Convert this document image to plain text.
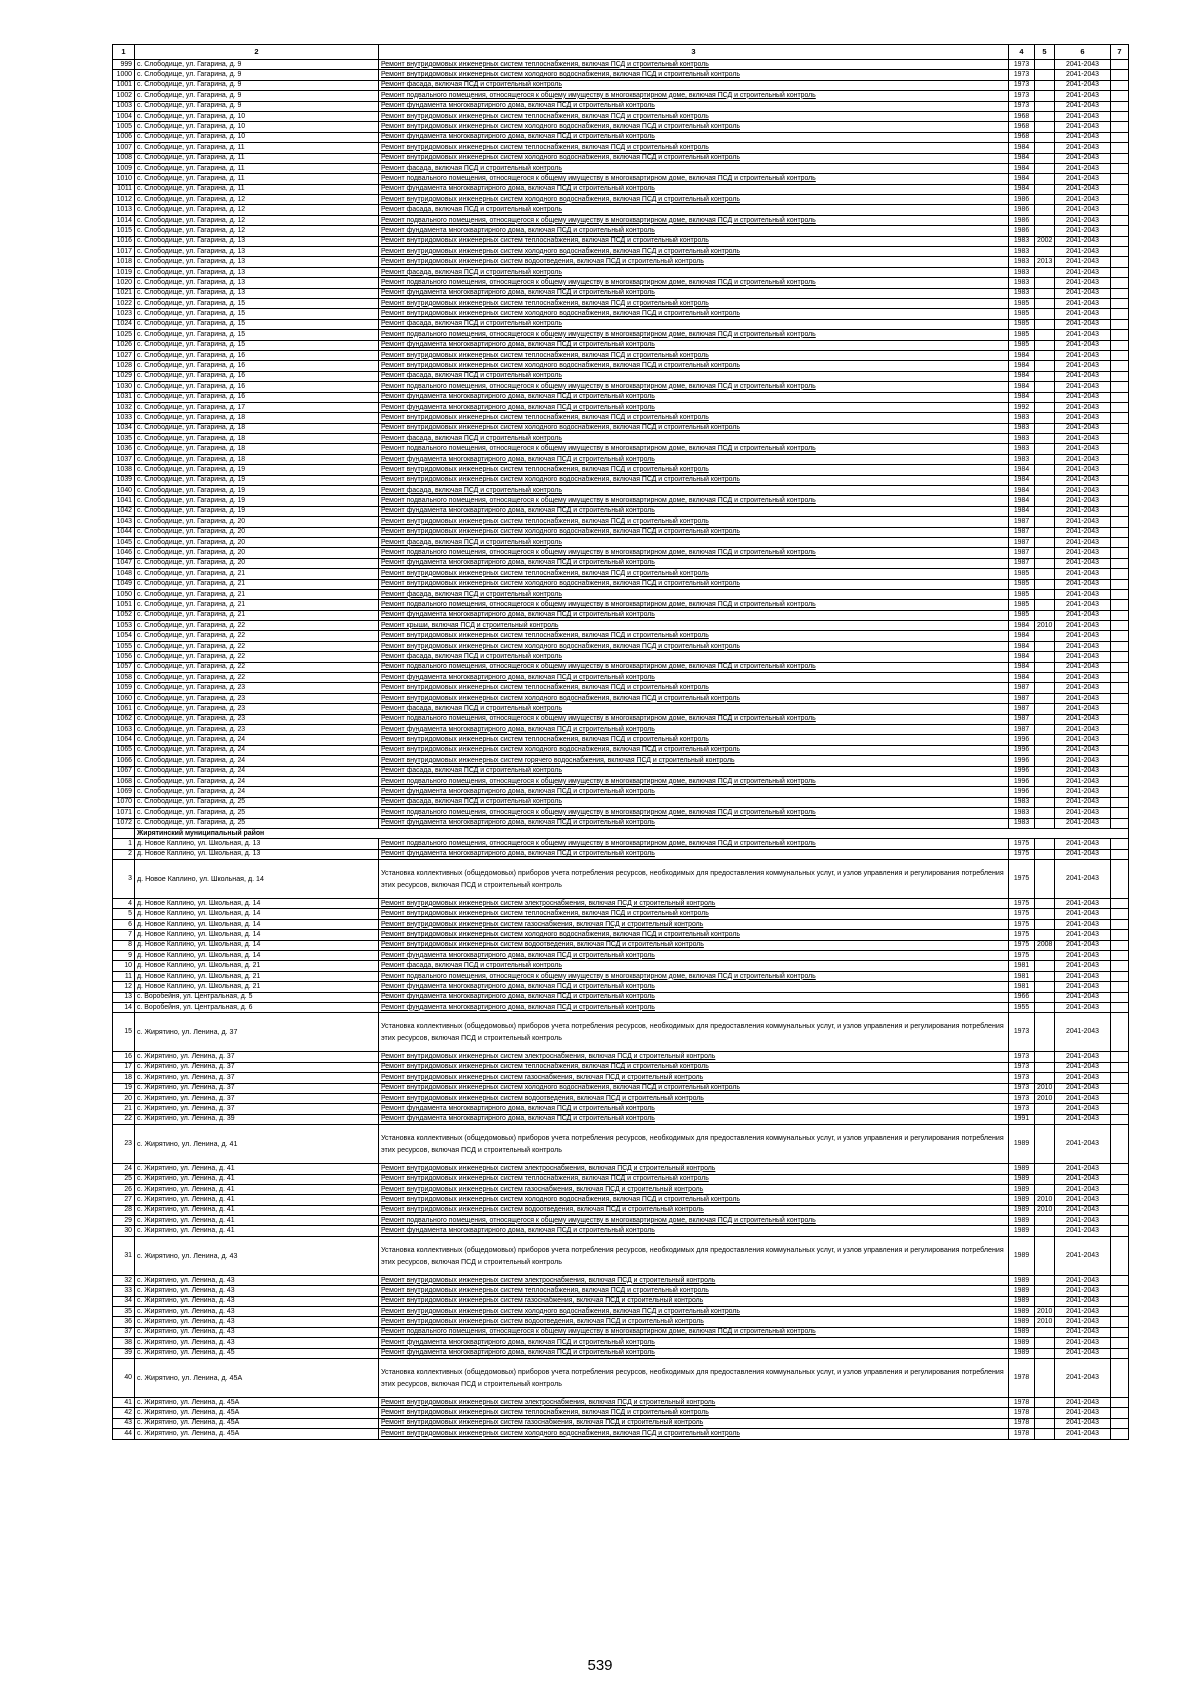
1	2	3	4	5	6	7
999	с. Слободище, ул. Гагарина, д. 9	Ремонт внутридомовых инженерных систем теплоснабжения, включая ПСД и строительный контроль	1973		2041-2043	
1000	с. Слободище, ул. Гагарина, д. 9	Ремонт внутридомовых инженерных систем холодного водоснабжения, включая ПСД и строительный контроль	1973		2041-2043	
1001	с. Слободище, ул. Гагарина, д. 9	Ремонт фасада, включая ПСД и строительный контроль	1973		2041-2043	
1002	с. Слободище, ул. Гагарина, д. 9	Ремонт подвального помещения, относящегося к общему имуществу в многоквартирном доме, включая ПСД и строительный контроль	1973		2041-2043	
1003	с. Слободище, ул. Гагарина, д. 9	Ремонт фундамента многоквартирного дома, включая ПСД и строительный контроль	1973		2041-2043	
1004	с. Слободище, ул. Гагарина, д. 10	Ремонт внутридомовых инженерных систем теплоснабжения, включая ПСД и строительный контроль	1968		2041-2043	
1005	с. Слободище, ул. Гагарина, д. 10	Ремонт внутридомовых инженерных систем холодного водоснабжения, включая ПСД и строительный контроль	1968		2041-2043	
1006	с. Слободище, ул. Гагарина, д. 10	Ремонт фундамента многоквартирного дома, включая ПСД и строительный контроль	1968		2041-2043	
1007	с. Слободище, ул. Гагарина, д. 11	Ремонт внутридомовых инженерных систем теплоснабжения, включая ПСД и строительный контроль	1984		2041-2043	
1008	с. Слободище, ул. Гагарина, д. 11	Ремонт внутридомовых инженерных систем холодного водоснабжения, включая ПСД и строительный контроль	1984		2041-2043	
1009	с. Слободище, ул. Гагарина, д. 11	Ремонт фасада, включая ПСД и строительный контроль	1984		2041-2043	
1010	с. Слободище, ул. Гагарина, д. 11	Ремонт подвального помещения, относящегося к общему имуществу в многоквартирном доме, включая ПСД и строительный контроль	1984		2041-2043	
1011	с. Слободище, ул. Гагарина, д. 11	Ремонт фундамента многоквартирного дома, включая ПСД и строительный контроль	1984		2041-2043	
1012	с. Слободище, ул. Гагарина, д. 12	Ремонт внутридомовых инженерных систем холодного водоснабжения, включая ПСД и строительный контроль	1986		2041-2043	
1013	с. Слободище, ул. Гагарина, д. 12	Ремонт фасада, включая ПСД и строительный контроль	1986		2041-2043	
1014	с. Слободище, ул. Гагарина, д. 12	Ремонт подвального помещения, относящегося к общему имуществу в многоквартирном доме, включая ПСД и строительный контроль	1986		2041-2043	
1015	с. Слободище, ул. Гагарина, д. 12	Ремонт фундамента многоквартирного дома, включая ПСД и строительный контроль	1986		2041-2043	
1016	с. Слободище, ул. Гагарина, д. 13	Ремонт внутридомовых инженерных систем теплоснабжения, включая ПСД и строительный контроль	1983	2002	2041-2043	
1017	с. Слободище, ул. Гагарина, д. 13	Ремонт внутридомовых инженерных систем холодного водоснабжения, включая ПСД и строительный контроль	1983		2041-2043	
1018	с. Слободище, ул. Гагарина, д. 13	Ремонт внутридомовых инженерных систем водоотведения, включая ПСД и строительный контроль	1983	2013	2041-2043	
1019	с. Слободище, ул. Гагарина, д. 13	Ремонт фасада, включая ПСД и строительный контроль	1983		2041-2043	
1020	с. Слободище, ул. Гагарина, д. 13	Ремонт подвального помещения, относящегося к общему имуществу в многоквартирном доме, включая ПСД и строительный контроль	1983		2041-2043	
1021	с. Слободище, ул. Гагарина, д. 13	Ремонт фундамента многоквартирного дома, включая ПСД и строительный контроль	1983		2041-2043	
1022	с. Слободище, ул. Гагарина, д. 15	Ремонт внутридомовых инженерных систем теплоснабжения, включая ПСД и строительный контроль	1985		2041-2043	
1023	с. Слободище, ул. Гагарина, д. 15	Ремонт внутридомовых инженерных систем холодного водоснабжения, включая ПСД и строительный контроль	1985		2041-2043	
1024	с. Слободище, ул. Гагарина, д. 15	Ремонт фасада, включая ПСД и строительный контроль	1985		2041-2043	
1025	с. Слободище, ул. Гагарина, д. 15	Ремонт подвального помещения, относящегося к общему имуществу в многоквартирном доме, включая ПСД и строительный контроль	1985		2041-2043	
1026	с. Слободище, ул. Гагарина, д. 15	Ремонт фундамента многоквартирного дома, включая ПСД и строительный контроль	1985		2041-2043	
1027	с. Слободище, ул. Гагарина, д. 16	Ремонт внутридомовых инженерных систем теплоснабжения, включая ПСД и строительный контроль	1984		2041-2043	
1028	с. Слободище, ул. Гагарина, д. 16	Ремонт внутридомовых инженерных систем холодного водоснабжения, включая ПСД и строительный контроль	1984		2041-2043	
1029	с. Слободище, ул. Гагарина, д. 16	Ремонт фасада, включая ПСД и строительный контроль	1984		2041-2043	
1030	с. Слободище, ул. Гагарина, д. 16	Ремонт подвального помещения, относящегося к общему имуществу в многоквартирном доме, включая ПСД и строительный контроль	1984		2041-2043	
1031	с. Слободище, ул. Гагарина, д. 16	Ремонт фундамента многоквартирного дома, включая ПСД и строительный контроль	1984		2041-2043	
1032	с. Слободище, ул. Гагарина, д. 17	Ремонт фундамента многоквартирного дома, включая ПСД и строительный контроль	1992		2041-2043	
1033	с. Слободище, ул. Гагарина, д. 18	Ремонт внутридомовых инженерных систем теплоснабжения, включая ПСД и строительный контроль	1983		2041-2043	
1034	с. Слободище, ул. Гагарина, д. 18	Ремонт внутридомовых инженерных систем холодного водоснабжения, включая ПСД и строительный контроль	1983		2041-2043	
1035	с. Слободище, ул. Гагарина, д. 18	Ремонт фасада, включая ПСД и строительный контроль	1983		2041-2043	
1036	с. Слободище, ул. Гагарина, д. 18	Ремонт подвального помещения, относящегося к общему имуществу в многоквартирном доме, включая ПСД и строительный контроль	1983		2041-2043	
1037	с. Слободище, ул. Гагарина, д. 18	Ремонт фундамента многоквартирного дома, включая ПСД и строительный контроль	1983		2041-2043	
1038	с. Слободище, ул. Гагарина, д. 19	Ремонт внутридомовых инженерных систем теплоснабжения, включая ПСД и строительный контроль	1984		2041-2043	
1039	с. Слободище, ул. Гагарина, д. 19	Ремонт внутридомовых инженерных систем холодного водоснабжения, включая ПСД и строительный контроль	1984		2041-2043	
1040	с. Слободище, ул. Гагарина, д. 19	Ремонт фасада, включая ПСД и строительный контроль	1984		2041-2043	
1041	с. Слободище, ул. Гагарина, д. 19	Ремонт подвального помещения, относящегося к общему имуществу в многоквартирном доме, включая ПСД и строительный контроль	1984		2041-2043	
1042	с. Слободище, ул. Гагарина, д. 19	Ремонт фундамента многоквартирного дома, включая ПСД и строительный контроль	1984		2041-2043	
1043	с. Слободище, ул. Гагарина, д. 20	Ремонт внутридомовых инженерных систем теплоснабжения, включая ПСД и строительный контроль	1987		2041-2043	
1044	с. Слободище, ул. Гагарина, д. 20	Ремонт внутридомовых инженерных систем холодного водоснабжения, включая ПСД и строительный контроль	1987		2041-2043	
1045	с. Слободище, ул. Гагарина, д. 20	Ремонт фасада, включая ПСД и строительный контроль	1987		2041-2043	
1046	с. Слободище, ул. Гагарина, д. 20	Ремонт подвального помещения, относящегося к общему имуществу в многоквартирном доме, включая ПСД и строительный контроль	1987		2041-2043	
1047	с. Слободище, ул. Гагарина, д. 20	Ремонт фундамента многоквартирного дома, включая ПСД и строительный контроль	1987		2041-2043	
1048	с. Слободище, ул. Гагарина, д. 21	Ремонт внутридомовых инженерных систем теплоснабжения, включая ПСД и строительный контроль	1985		2041-2043	
1049	с. Слободище, ул. Гагарина, д. 21	Ремонт внутридомовых инженерных систем холодного водоснабжения, включая ПСД и строительный контроль	1985		2041-2043	
1050	с. Слободище, ул. Гагарина, д. 21	Ремонт фасада, включая ПСД и строительный контроль	1985		2041-2043	
1051	с. Слободище, ул. Гагарина, д. 21	Ремонт подвального помещения, относящегося к общему имуществу в многоквартирном доме, включая ПСД и строительный контроль	1985		2041-2043	
1052	с. Слободище, ул. Гагарина, д. 21	Ремонт фундамента многоквартирного дома, включая ПСД и строительный контроль	1985		2041-2043	
1053	с. Слободище, ул. Гагарина, д. 22	Ремонт крыши, включая ПСД и строительный контроль	1984	2010	2041-2043	
1054	с. Слободище, ул. Гагарина, д. 22	Ремонт внутридомовых инженерных систем теплоснабжения, включая ПСД и строительный контроль	1984		2041-2043	
1055	с. Слободище, ул. Гагарина, д. 22	Ремонт внутридомовых инженерных систем холодного водоснабжения, включая ПСД и строительный контроль	1984		2041-2043	
1056	с. Слободище, ул. Гагарина, д. 22	Ремонт фасада, включая ПСД и строительный контроль	1984		2041-2043	
1057	с. Слободище, ул. Гагарина, д. 22	Ремонт подвального помещения, относящегося к общему имуществу в многоквартирном доме, включая ПСД и строительный контроль	1984		2041-2043	
1058	с. Слободище, ул. Гагарина, д. 22	Ремонт фундамента многоквартирного дома, включая ПСД и строительный контроль	1984		2041-2043	
1059	с. Слободище, ул. Гагарина, д. 23	Ремонт внутридомовых инженерных систем теплоснабжения, включая ПСД и строительный контроль	1987		2041-2043	
1060	с. Слободище, ул. Гагарина, д. 23	Ремонт внутридомовых инженерных систем холодного водоснабжения, включая ПСД и строительный контроль	1987		2041-2043	
1061	с. Слободище, ул. Гагарина, д. 23	Ремонт фасада, включая ПСД и строительный контроль	1987		2041-2043	
1062	с. Слободище, ул. Гагарина, д. 23	Ремонт подвального помещения, относящегося к общему имуществу в многоквартирном доме, включая ПСД и строительный контроль	1987		2041-2043	
1063	с. Слободище, ул. Гагарина, д. 23	Ремонт фундамента многоквартирного дома, включая ПСД и строительный контроль	1987		2041-2043	
1064	с. Слободище, ул. Гагарина, д. 24	Ремонт внутридомовых инженерных систем теплоснабжения, включая ПСД и строительный контроль	1996		2041-2043	
1065	с. Слободище, ул. Гагарина, д. 24	Ремонт внутридомовых инженерных систем холодного водоснабжения, включая ПСД и строительный контроль	1996		2041-2043	
1066	с. Слободище, ул. Гагарина, д. 24	Ремонт внутридомовых инженерных систем горячего водоснабжения, включая ПСД и строительный контроль	1996		2041-2043	
1067	с. Слободище, ул. Гагарина, д. 24	Ремонт фасада, включая ПСД и строительный контроль	1996		2041-2043	
1068	с. Слободище, ул. Гагарина, д. 24	Ремонт подвального помещения, относящегося к общему имуществу в многоквартирном доме, включая ПСД и строительный контроль	1996		2041-2043	
1069	с. Слободище, ул. Гагарина, д. 24	Ремонт фундамента многоквартирного дома, включая ПСД и строительный контроль	1996		2041-2043	
1070	с. Слободище, ул. Гагарина, д. 25	Ремонт фасада, включая ПСД и строительный контроль	1983		2041-2043	
1071	с. Слободище, ул. Гагарина, д. 25	Ремонт подвального помещения, относящегося к общему имуществу в многоквартирном доме, включая ПСД и строительный контроль	1983		2041-2043	
1072	с. Слободище, ул. Гагарина, д. 25	Ремонт фундамента многоквартирного дома, включая ПСД и строительный контроль	1983		2041-2043	
	Жирятинский муниципальный район					
1	д. Новое Каплино, ул. Школьная, д. 13	Ремонт подвального помещения, относящегося к общему имуществу в многоквартирном доме, включая ПСД и строительный контроль	1975		2041-2043	
2	д. Новое Каплино, ул. Школьная, д. 13	Ремонт фундамента многоквартирного дома, включая ПСД и строительный контроль	1975		2041-2043	
3	д. Новое Каплино, ул. Школьная, д. 14	Установка коллективных (общедомовых) приборов учета потребления ресурсов, необходимых для предоставления коммунальных услуг, и узлов управления и регулирования потребления этих ресурсов, включая ПСД и строительный контроль	1975		2041-2043	
4	д. Новое Каплино, ул. Школьная, д. 14	Ремонт внутридомовых инженерных систем электроснабжения, включая ПСД и строительный контроль	1975		2041-2043	
5	д. Новое Каплино, ул. Школьная, д. 14	Ремонт внутридомовых инженерных систем теплоснабжения, включая ПСД и строительный контроль	1975		2041-2043	
6	д. Новое Каплино, ул. Школьная, д. 14	Ремонт внутридомовых инженерных систем газоснабжения, включая ПСД и строительный контроль	1975		2041-2043	
7	д. Новое Каплино, ул. Школьная, д. 14	Ремонт внутридомовых инженерных систем холодного водоснабжения, включая ПСД и строительный контроль	1975		2041-2043	
8	д. Новое Каплино, ул. Школьная, д. 14	Ремонт внутридомовых инженерных систем водоотведения, включая ПСД и строительный контроль	1975	2008	2041-2043	
9	д. Новое Каплино, ул. Школьная, д. 14	Ремонт фундамента многоквартирного дома, включая ПСД и строительный контроль	1975		2041-2043	
10	д. Новое Каплино, ул. Школьная, д. 21	Ремонт фасада, включая ПСД и строительный контроль	1981		2041-2043	
11	д. Новое Каплино, ул. Школьная, д. 21	Ремонт подвального помещения, относящегося к общему имуществу в многоквартирном доме, включая ПСД и строительный контроль	1981		2041-2043	
12	д. Новое Каплино, ул. Школьная, д. 21	Ремонт фундамента многоквартирного дома, включая ПСД и строительный контроль	1981		2041-2043	
13	с. Воробейня, ул. Центральная, д. 5	Ремонт фундамента многоквартирного дома, включая ПСД и строительный контроль	1966		2041-2043	
14	с. Воробейня, ул. Центральная, д. 6	Ремонт фундамента многоквартирного дома, включая ПСД и строительный контроль	1955		2041-2043	
15	с. Жирятино, ул. Ленина, д. 37	Установка коллективных (общедомовых) приборов учета потребления ресурсов, необходимых для предоставления коммунальных услуг, и узлов управления и регулирования потребления этих ресурсов, включая ПСД и строительный контроль	1973		2041-2043	
16	с. Жирятино, ул. Ленина, д. 37	Ремонт внутридомовых инженерных систем электроснабжения, включая ПСД и строительный контроль	1973		2041-2043	
17	с. Жирятино, ул. Ленина, д. 37	Ремонт внутридомовых инженерных систем теплоснабжения, включая ПСД и строительный контроль	1973		2041-2043	
18	с. Жирятино, ул. Ленина, д. 37	Ремонт внутридомовых инженерных систем газоснабжения, включая ПСД и строительный контроль	1973		2041-2043	
19	с. Жирятино, ул. Ленина, д. 37	Ремонт внутридомовых инженерных систем холодного водоснабжения, включая ПСД и строительный контроль	1973	2010	2041-2043	
20	с. Жирятино, ул. Ленина, д. 37	Ремонт внутридомовых инженерных систем водоотведения, включая ПСД и строительный контроль	1973	2010	2041-2043	
21	с. Жирятино, ул. Ленина, д. 37	Ремонт фундамента многоквартирного дома, включая ПСД и строительный контроль	1973		2041-2043	
22	с. Жирятино, ул. Ленина, д. 39	Ремонт фундамента многоквартирного дома, включая ПСД и строительный контроль	1991		2041-2043	
23	с. Жирятино, ул. Ленина, д. 41	Установка коллективных (общедомовых) приборов учета потребления ресурсов, необходимых для предоставления коммунальных услуг, и узлов управления и регулирования потребления этих ресурсов, включая ПСД и строительный контроль	1989		2041-2043	
24	с. Жирятино, ул. Ленина, д. 41	Ремонт внутридомовых инженерных систем электроснабжения, включая ПСД и строительный контроль	1989		2041-2043	
25	с. Жирятино, ул. Ленина, д. 41	Ремонт внутридомовых инженерных систем теплоснабжения, включая ПСД и строительный контроль	1989		2041-2043	
26	с. Жирятино, ул. Ленина, д. 41	Ремонт внутридомовых инженерных систем газоснабжения, включая ПСД и строительный контроль	1989		2041-2043	
27	с. Жирятино, ул. Ленина, д. 41	Ремонт внутридомовых инженерных систем холодного водоснабжения, включая ПСД и строительный контроль	1989	2010	2041-2043	
28	с. Жирятино, ул. Ленина, д. 41	Ремонт внутридомовых инженерных систем водоотведения, включая ПСД и строительный контроль	1989	2010	2041-2043	
29	с. Жирятино, ул. Ленина, д. 41	Ремонт подвального помещения, относящегося к общему имуществу в многоквартирном доме, включая ПСД и строительный контроль	1989		2041-2043	
30	с. Жирятино, ул. Ленина, д. 41	Ремонт фундамента многоквартирного дома, включая ПСД и строительный контроль	1989		2041-2043	
31	с. Жирятино, ул. Ленина, д. 43	Установка коллективных (общедомовых) приборов учета потребления ресурсов, необходимых для предоставления коммунальных услуг, и узлов управления и регулирования потребления этих ресурсов, включая ПСД и строительный контроль	1989		2041-2043	
32	с. Жирятино, ул. Ленина, д. 43	Ремонт внутридомовых инженерных систем электроснабжения, включая ПСД и строительный контроль	1989		2041-2043	
33	с. Жирятино, ул. Ленина, д. 43	Ремонт внутридомовых инженерных систем теплоснабжения, включая ПСД и строительный контроль	1989		2041-2043	
34	с. Жирятино, ул. Ленина, д. 43	Ремонт внутридомовых инженерных систем газоснабжения, включая ПСД и строительный контроль	1989		2041-2043	
35	с. Жирятино, ул. Ленина, д. 43	Ремонт внутридомовых инженерных систем холодного водоснабжения, включая ПСД и строительный контроль	1989	2010	2041-2043	
36	с. Жирятино, ул. Ленина, д. 43	Ремонт внутридомовых инженерных систем водоотведения, включая ПСД и строительный контроль	1989	2010	2041-2043	
37	с. Жирятино, ул. Ленина, д. 43	Ремонт подвального помещения, относящегося к общему имуществу в многоквартирном доме, включая ПСД и строительный контроль	1989		2041-2043	
38	с. Жирятино, ул. Ленина, д. 43	Ремонт фундамента многоквартирного дома, включая ПСД и строительный контроль	1989		2041-2043	
39	с. Жирятино, ул. Ленина, д. 45	Ремонт фундамента многоквартирного дома, включая ПСД и строительный контроль	1989		2041-2043	
40	с. Жирятино, ул. Ленина, д. 45А	Установка коллективных (общедомовых) приборов учета потребления ресурсов, необходимых для предоставления коммунальных услуг, и узлов управления и регулирования потребления этих ресурсов, включая ПСД и строительный контроль	1978		2041-2043	
41	с. Жирятино, ул. Ленина, д. 45А	Ремонт внутридомовых инженерных систем электроснабжения, включая ПСД и строительный контроль	1978		2041-2043	
42	с. Жирятино, ул. Ленина, д. 45А	Ремонт внутридомовых инженерных систем теплоснабжения, включая ПСД и строительный контроль	1978		2041-2043	
43	с. Жирятино, ул. Ленина, д. 45А	Ремонт внутридомовых инженерных систем газоснабжения, включая ПСД и строительный контроль	1978		2041-2043	
44	с. Жирятино, ул. Ленина, д. 45А	Ремонт внутридомовых инженерных систем холодного водоснабжения, включая ПСД и строительный контроль	1978		2041-2043	
539
